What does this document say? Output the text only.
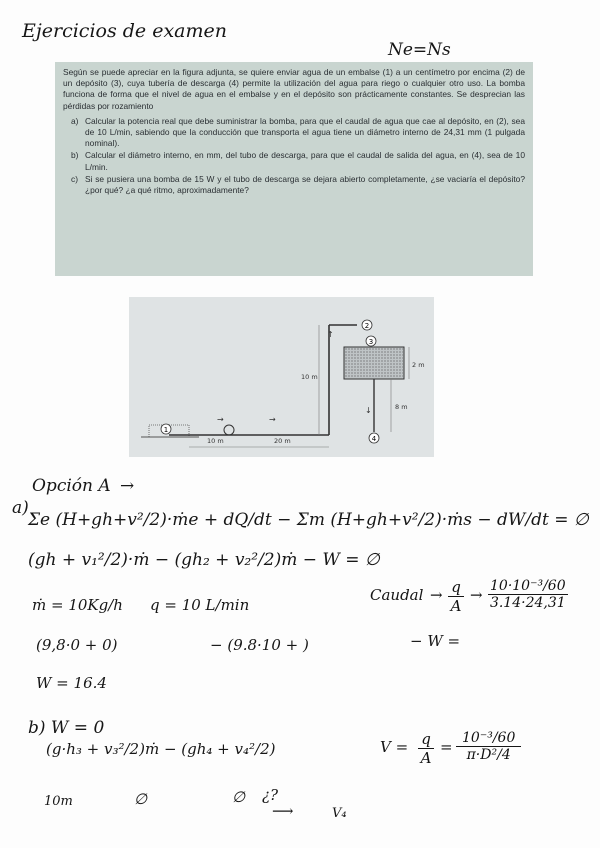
Ejercicios de examen
Ne=Ns

Según se puede apreciar en la figura adjunta, se quiere enviar agua de un embalse (1) a un centímetro por encima (2) de un depósito (3), cuya tubería de descarga (4) permite la utilización del agua para riego o cualquier otro uso. La bomba funciona de forma que el nivel de agua en el embalse y en el depósito son prácticamente constantes. Se desprecian las pérdidas por rozamiento

a) Calcular la potencia real que debe suministrar la bomba, para que el caudal de agua que cae al depósito, en (2), sea de 10 L/min, sabiendo que la conducción que transporta el agua tiene un diámetro interno de 24,31 mm (1 pulgada nominal).
b) Calcular el diámetro interno, en mm, del tubo de descarga, para que el caudal de salida del agua, en (4), sea de 10 L/min.
c) Si se pusiera una bomba de 15 W y el tubo de descarga se dejara abierto completamente, ¿se vaciaría el depósito? ¿por qué? ¿a qué ritmo, aproximadamente?
→	→
↑
↓
1
2
3
4
10 m	20 m
10 m
2 m
8 m
Opción A →
a)
Σe (H+gh+v²/2)·ṁe + dQ/dt − Σm (H+gh+v²/2)·ṁs − dW/dt = ∅
(gh + v₁²/2)·ṁ − (gh₂ + v₂²/2)ṁ − W = ∅
Caudal → $\frac{q}{A} \to \frac{\text{10·10⁻³/60}}{3.14\cdot 24,31}$
ṁ = 10Kg/h q = 10 L/min
(9,8·0 + 0)	− (9.8·10 + )	− W =
W = 16.4
b) W = 0
(g·h₃ + v₃²/2)ṁ − (gh₄ + v₄²/2)
10m	∅	∅ ¿?
⟶	V₄
$V = \frac{q}{A} = \frac{\text{10⁻³/60}}{\text{π·D²/4}}$
